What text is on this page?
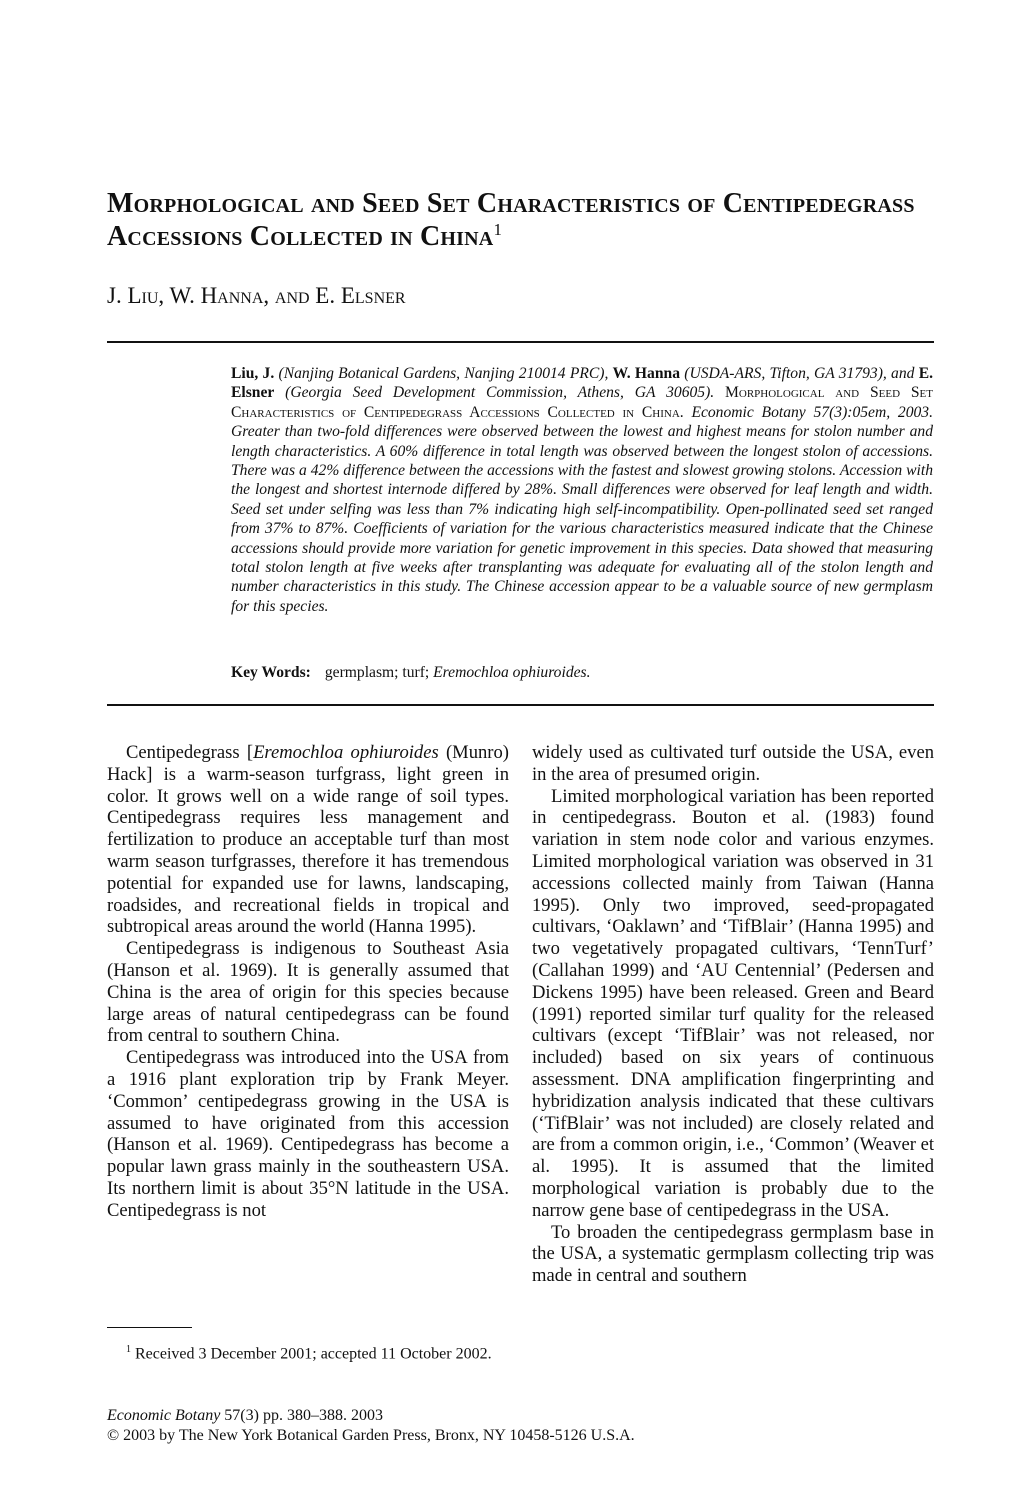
Morphological and Seed Set Characteristics of Centipedegrass Accessions Collected in China$^1$

J. Liu, W. Hanna, and E. Elsner

Liu, J. (Nanjing Botanical Gardens, Nanjing 210014 PRC), W. Hanna (USDA-ARS, Tifton, GA 31793), and E. Elsner (Georgia Seed Development Commission, Athens, GA 30605). Morphological and Seed Set Characteristics of Centipedegrass Accessions Collected in China. Economic Botany 57(3):05em, 2003. Greater than two-fold differences were observed between the lowest and highest means for stolon number and length characteristics. A 60% difference in total length was observed between the longest stolon of accessions. There was a 42% difference between the accessions with the fastest and slowest growing stolons. Accession with the longest and shortest internode differed by 28%. Small differences were observed for leaf length and width. Seed set under selfing was less than 7% indicating high self-incompatibility. Open-pollinated seed set ranged from 37% to 87%. Coefficients of variation for the various characteristics measured indicate that the Chinese accessions should provide more variation for genetic improvement in this species. Data showed that measuring total stolon length at five weeks after transplanting was adequate for evaluating all of the stolon length and number characteristics in this study. The Chinese accession appear to be a valuable source of new germplasm for this species.

Key Words: germplasm; turf; Eremochloa ophiuroides.

Centipedegrass [Eremochloa ophiuroides (Munro) Hack] is a warm-season turfgrass, light green in color. It grows well on a wide range of soil types. Centipedegrass requires less management and fertilization to produce an acceptable turf than most warm season turfgrasses, therefore it has tremendous potential for expanded use for lawns, landscaping, roadsides, and recreational fields in tropical and subtropical areas around the world (Hanna 1995).

Centipedegrass is indigenous to Southeast Asia (Hanson et al. 1969). It is generally assumed that China is the area of origin for this species because large areas of natural centipedegrass can be found from central to southern China.

Centipedegrass was introduced into the USA from a 1916 plant exploration trip by Frank Meyer. ‘Common’ centipedegrass growing in the USA is assumed to have originated from this accession (Hanson et al. 1969). Centipedegrass has become a popular lawn grass mainly in the southeastern USA. Its northern limit is about 35°N latitude in the USA. Centipedegrass is not

widely used as cultivated turf outside the USA, even in the area of presumed origin.

Limited morphological variation has been reported in centipedegrass. Bouton et al. (1983) found variation in stem node color and various enzymes. Limited morphological variation was observed in 31 accessions collected mainly from Taiwan (Hanna 1995). Only two improved, seed-propagated cultivars, ‘Oaklawn’ and ‘TifBlair’ (Hanna 1995) and two vegetatively propagated cultivars, ‘TennTurf’ (Callahan 1999) and ‘AU Centennial’ (Pedersen and Dickens 1995) have been released. Green and Beard (1991) reported similar turf quality for the released cultivars (except ‘TifBlair’ was not released, nor included) based on six years of continuous assessment. DNA amplification fingerprinting and hybridization analysis indicated that these cultivars (‘TifBlair’ was not included) are closely related and are from a common origin, i.e., ‘Common’ (Weaver et al. 1995). It is assumed that the limited morphological variation is probably due to the narrow gene base of centipedegrass in the USA.

To broaden the centipedegrass germplasm base in the USA, a systematic germplasm collecting trip was made in central and southern

$^1$ Received 3 December 2001; accepted 11 October 2002.

Economic Botany 57(3) pp. 380–388. 2003
© 2003 by The New York Botanical Garden Press, Bronx, NY 10458-5126 U.S.A.
